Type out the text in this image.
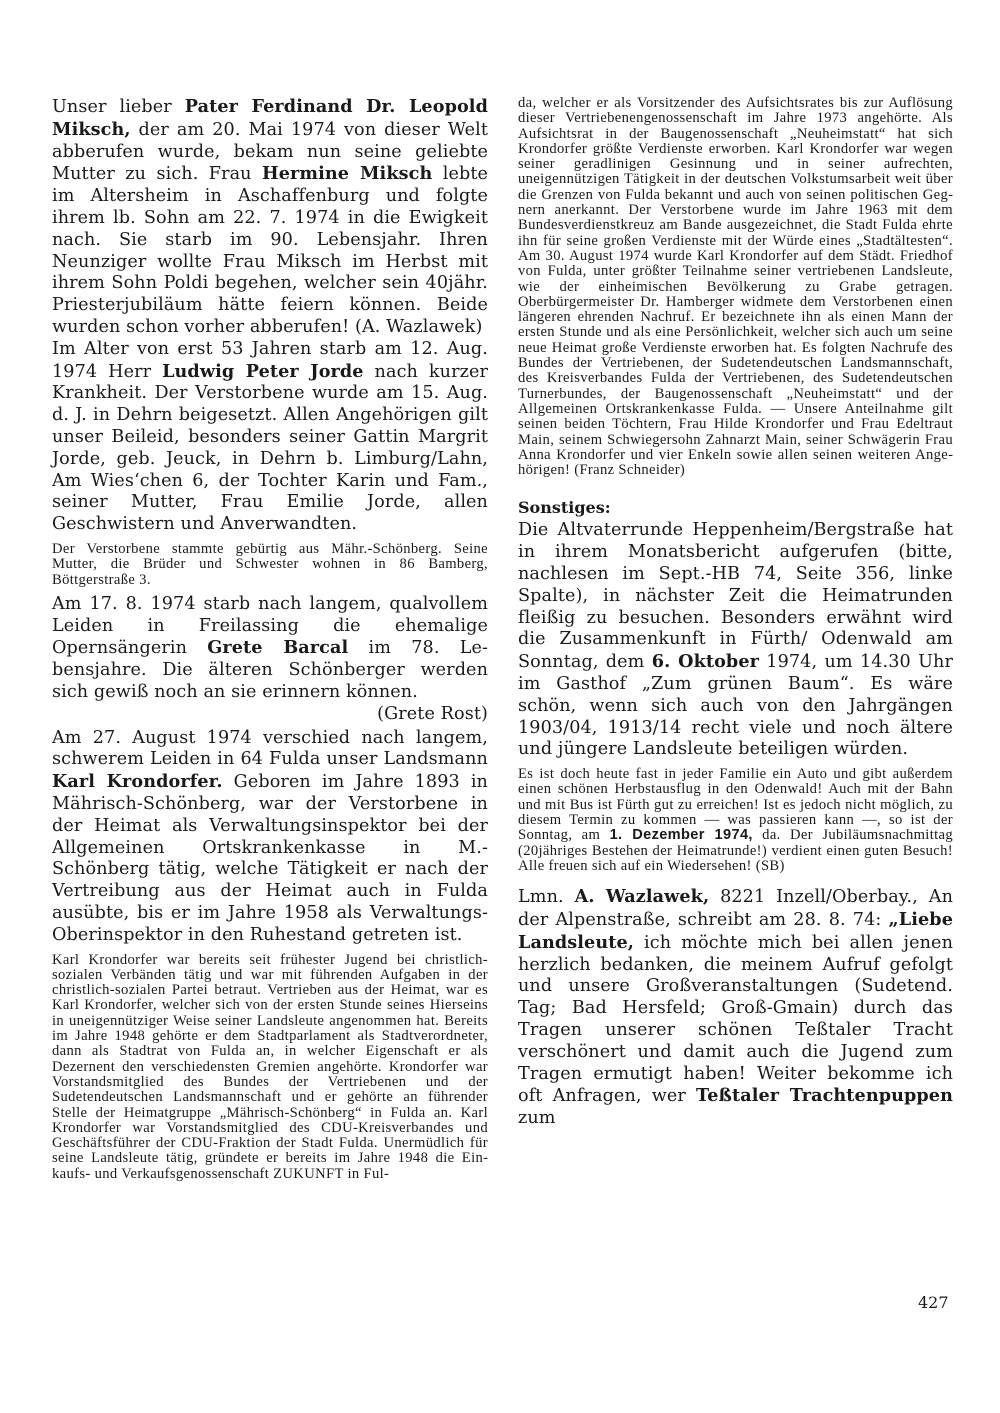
Unser lieber Pater Ferdinand Dr. Leopold Miksch, der am 20. Mai 1974 von dieser Welt abberufen wurde, bekam nun seine geliebte Mutter zu sich. Frau Hermine Miksch lebte im Altersheim in Aschaffenburg und folgte ihrem lb. Sohn am 22. 7. 1974 in die Ewigkeit nach. Sie starb im 90. Lebensjahr. Ihren Neunziger wollte Frau Miksch im Herbst mit ihrem Sohn Poldi begehen, welcher sein 40jähr. Priesterjubiläum hätte feiern können. Beide wurden schon vorher abberufen! (A. Wazlawek)

Im Alter von erst 53 Jahren starb am 12. Aug. 1974 Herr Ludwig Peter Jorde nach kurzer Krankheit. Der Verstorbene wurde am 15. Aug. d. J. in Dehrn beigesetzt. Allen Angehörigen gilt unser Beileid, besonders seiner Gattin Margrit Jorde, geb. Jeuck, in Dehrn b. Limburg/Lahn, Am Wies‘chen 6, der Tochter Karin und Fam., seiner Mutter, Frau Emilie Jorde, allen Geschwistern und Anverwandten.

Der Verstorbene stammte gebürtig aus Mähr.-Schönberg. Seine Mutter, die Brüder und Schwester wohnen in 86 Bamberg, Böttgerstraße 3.

Am 17. 8. 1974 starb nach langem, qualvollem Leiden in Freilassing die ehemalige Opernsängerin Grete Barcal im 78. Lebensjahre. Die älteren Schönberger werden sich gewiß noch an sie erinnern können.

(Grete Rost)

Am 27. August 1974 verschied nach langem, schwerem Leiden in 64 Fulda unser Landsmann Karl Krondorfer. Geboren im Jahre 1893 in Mährisch-Schönberg, war der Verstorbene in der Heimat als Verwaltungsinspektor bei der Allgemeinen Ortskrankenkasse in M.-Schönberg tätig, welche Tätigkeit er nach der Vertreibung aus der Heimat auch in Fulda ausübte, bis er im Jahre 1958 als Verwaltungs-Oberinspektor in den Ruhestand getreten ist.

Karl Krondorfer war bereits seit frühester Jugend bei christlich-sozialen Verbänden tätig und war mit führenden Aufgaben in der christlich-sozialen Partei betraut. Vertrieben aus der Heimat, war es Karl Krondorfer, welcher sich von der ersten Stunde seines Hierseins in uneigennütziger Weise seiner Landsleute angenommen hat. Bereits im Jahre 1948 gehörte er dem Stadtparlament als Stadtverordneter, dann als Stadtrat von Fulda an, in welcher Eigenschaft er als Dezernent den verschiedensten Gremien angehörte. Krondorfer war Vorstandsmitglied des Bundes der Vertriebenen und der Sudetendeutschen Landsmannschaft und er gehörte an führender Stelle der Heimatgruppe „Mährisch-Schönberg“ in Fulda an. Karl Krondorfer war Vorstandsmitglied des CDU-Kreisverbandes und Geschäftsführer der CDU-Fraktion der Stadt Fulda. Unermüdlich für seine Landsleute tätig, gründete er bereits im Jahre 1948 die Einkaufs- und Verkaufsgenossenschaft ZUKUNFT in Ful-

da, welcher er als Vorsitzender des Aufsichtsrates bis zur Auflösung dieser Vertriebenengenossenschaft im Jahre 1973 angehörte. Als Aufsichtsrat in der Baugenossenschaft „Neuheimstatt“ hat sich Krondorfer größte Verdienste erworben. Karl Krondorfer war wegen seiner geradlinigen Gesinnung und in seiner aufrechten, uneigennützigen Tätigkeit in der deutschen Volkstumsarbeit weit über die Grenzen von Fulda bekannt und auch von seinen politischen Gegnern anerkannt. Der Verstorbene wurde im Jahre 1963 mit dem Bundesverdienstkreuz am Bande ausgezeichnet, die Stadt Fulda ehrte ihn für seine großen Verdienste mit der Würde eines „Stadtältesten“. Am 30. August 1974 wurde Karl Krondorfer auf dem Städt. Friedhof von Fulda, unter größter Teilnahme seiner vertriebenen Landsleute, wie der einheimischen Bevölkerung zu Grabe getragen. Oberbürgermeister Dr. Hamberger widmete dem Verstorbenen einen längeren ehrenden Nachruf. Er bezeichnete ihn als einen Mann der ersten Stunde und als eine Persönlichkeit, welcher sich auch um seine neue Heimat große Verdienste erworben hat. Es folgten Nachrufe des Bundes der Vertriebenen, der Sudetendeutschen Landsmannschaft, des Kreisverbandes Fulda der Vertriebenen, des Sudetendeutschen Turnerbundes, der Baugenossenschaft „Neuheimstatt“ und der Allgemeinen Ortskrankenkasse Fulda. — Unsere Anteilnahme gilt seinen beiden Töchtern, Frau Hilde Krondorfer und Frau Edeltraut Main, seinem Schwiegersohn Zahnarzt Main, seiner Schwägerin Frau Anna Krondorfer und vier Enkeln sowie allen seinen weiteren Angehörigen! (Franz Schneider)

Sonstiges:

Die Altvaterrunde Heppenheim/Bergstraße hat in ihrem Monatsbericht aufgerufen (bitte, nachlesen im Sept.-HB 74, Seite 356, linke Spalte), in nächster Zeit die Heimatrunden fleißig zu besuchen. Besonders erwähnt wird die Zusammenkunft in Fürth/ Odenwald am Sonntag, dem 6. Oktober 1974, um 14.30 Uhr im Gasthof „Zum grünen Baum“. Es wäre schön, wenn sich auch von den Jahrgängen 1903/04, 1913/14 recht viele und noch ältere und jüngere Landsleute beteiligen würden.

Es ist doch heute fast in jeder Familie ein Auto und gibt außerdem einen schönen Herbstausflug in den Odenwald! Auch mit der Bahn und mit Bus ist Fürth gut zu erreichen! Ist es jedoch nicht möglich, zu diesem Termin zu kommen — was passieren kann —, so ist der Sonntag, am 1. Dezember 1974, da. Der Jubiläumsnachmittag (20jähriges Bestehen der Heimatrunde!) verdient einen guten Besuch! Alle freuen sich auf ein Wiedersehen! (SB)

Lmn. A. Wazlawek, 8221 Inzell/Oberbay., An der Alpenstraße, schreibt am 28. 8. 74: „Liebe Landsleute, ich möchte mich bei allen jenen herzlich bedanken, die meinem Aufruf gefolgt und unsere Großveranstaltungen (Sudetend. Tag; Bad Hersfeld; Groß-Gmain) durch das Tragen unserer schönen Teßtaler Tracht verschönert und damit auch die Jugend zum Tragen ermutigt haben! Weiter bekomme ich oft Anfragen, wer Teßtaler Trachtenpuppen zum

427
